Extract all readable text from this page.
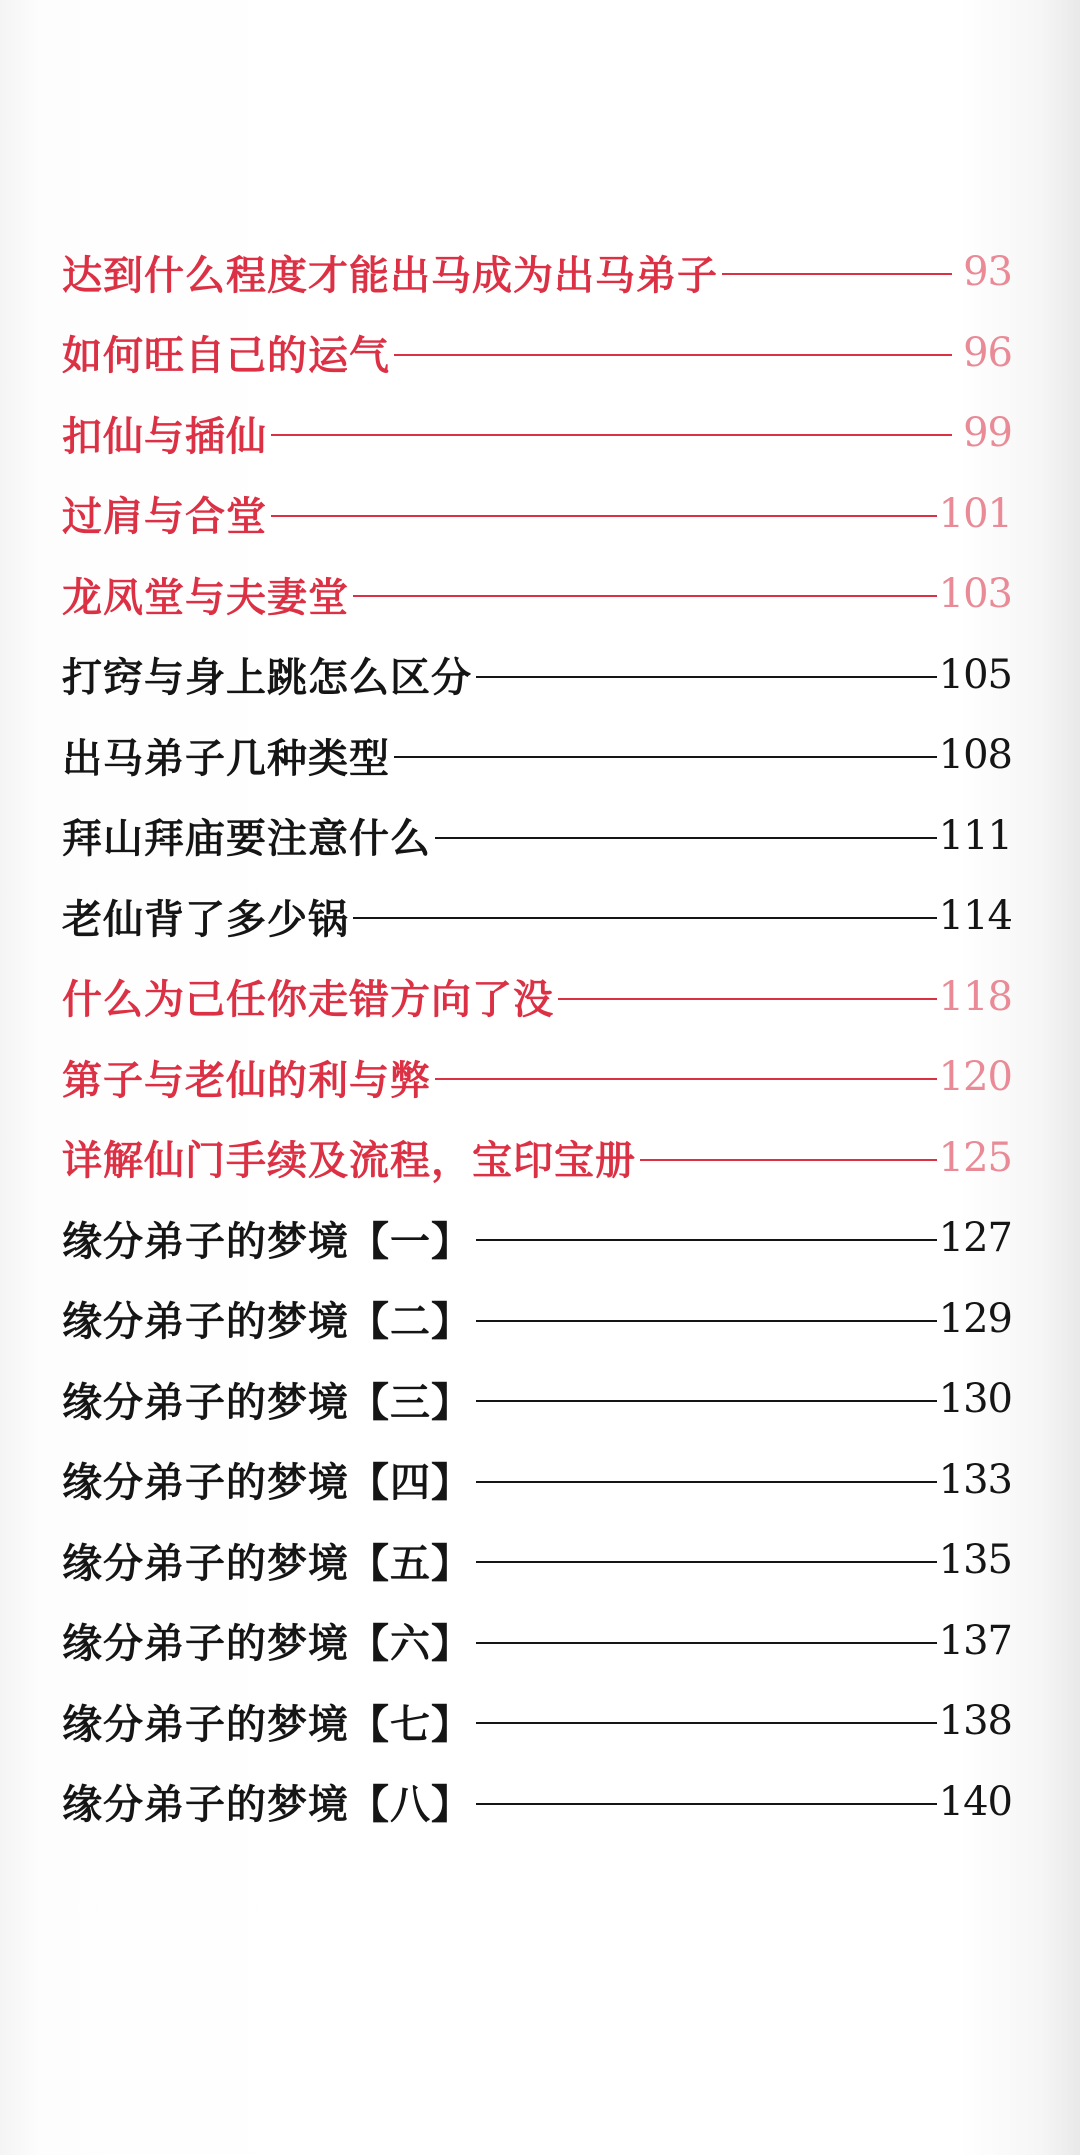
达到什么程度才能出马成为出马弟子	93
如何旺自己的运气	96
扣仙与插仙	99
过肩与合堂	101
龙凤堂与夫妻堂	103
打窍与身上跳怎么区分	105
出马弟子几种类型	108
拜山拜庙要注意什么	111
老仙背了多少锅	114
什么为己任你走错方向了没	118
第子与老仙的利与弊	120
详解仙门手续及流程，宝印宝册	125
缘分弟子的梦境【一】	127
缘分弟子的梦境【二】	129
缘分弟子的梦境【三】	130
缘分弟子的梦境【四】	133
缘分弟子的梦境【五】	135
缘分弟子的梦境【六】	137
缘分弟子的梦境【七】	138
缘分弟子的梦境【八】	140
